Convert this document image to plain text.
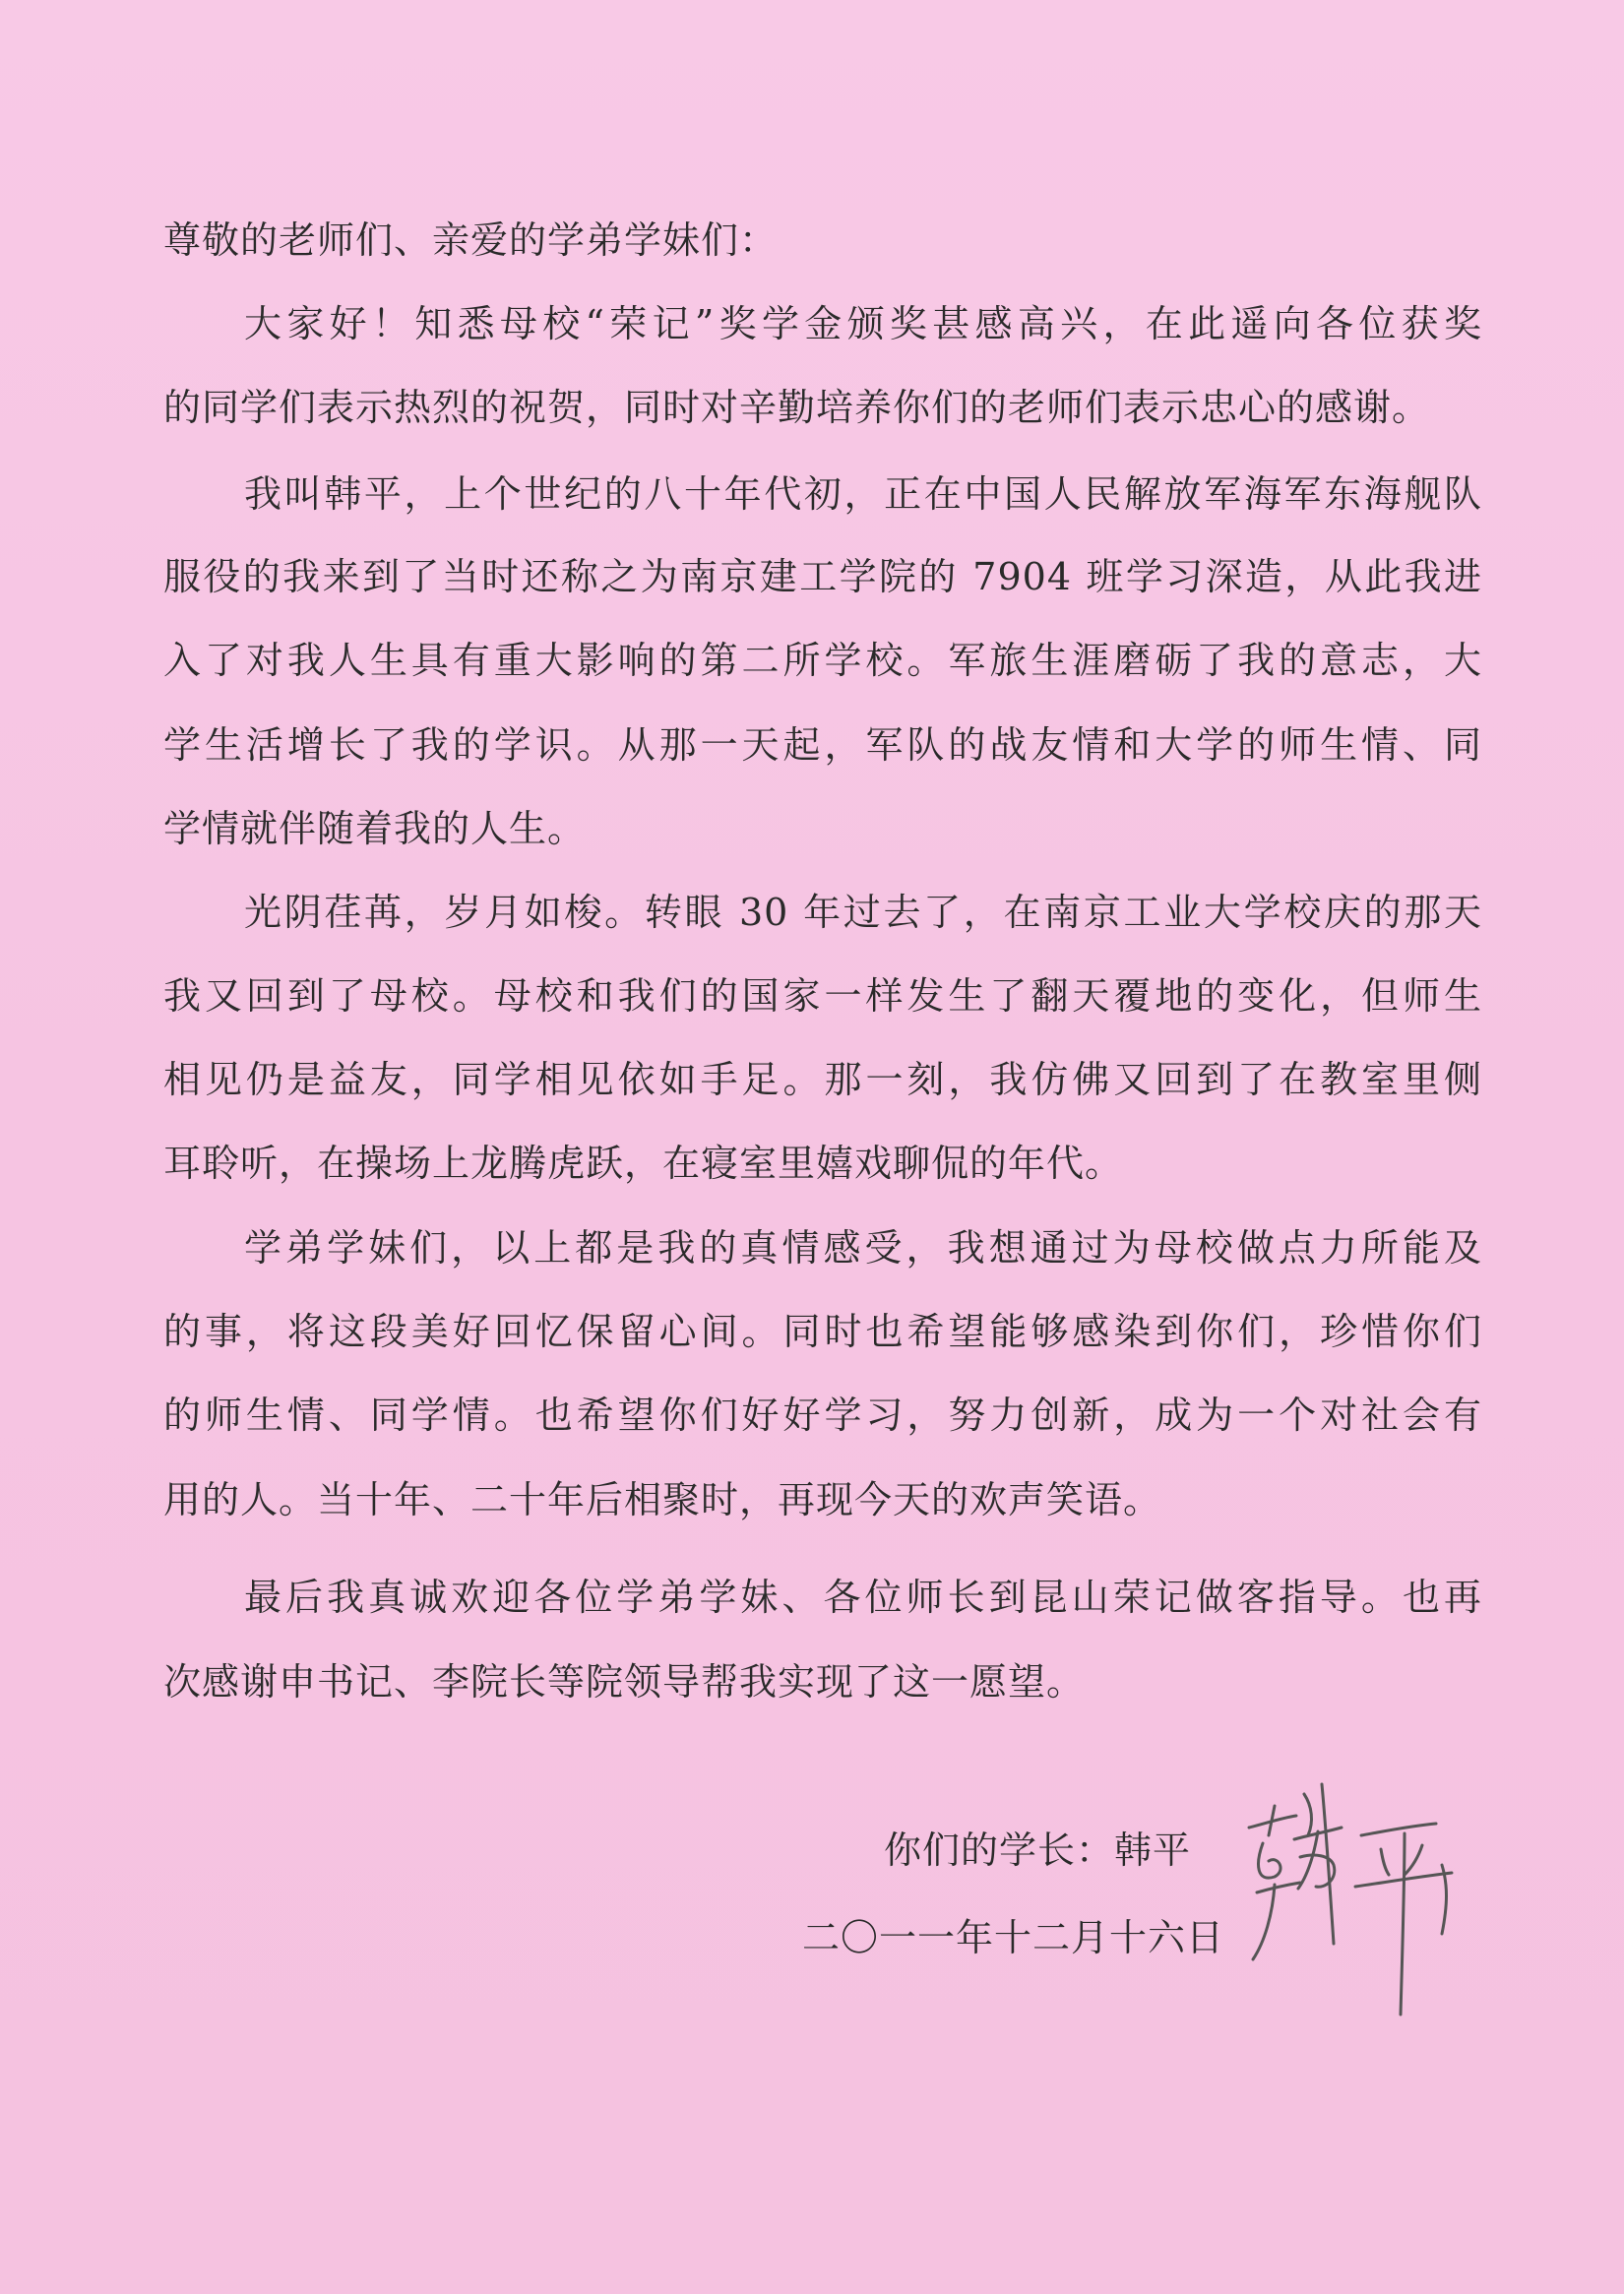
尊敬的老师们、亲爱的学弟学妹们：
大家好！知悉母校“荣记”奖学金颁奖甚感高兴，在此遥向各位获奖
的同学们表示热烈的祝贺，同时对辛勤培养你们的老师们表示忠心的感谢。
我叫韩平，上个世纪的八十年代初，正在中国人民解放军海军东海舰队
服役的我来到了当时还称之为南京建工学院的 7904 班学习深造，从此我进
入了对我人生具有重大影响的第二所学校。军旅生涯磨砺了我的意志，大
学生活增长了我的学识。从那一天起，军队的战友情和大学的师生情、同
学情就伴随着我的人生。
光阴荏苒，岁月如梭。转眼 30 年过去了，在南京工业大学校庆的那天
我又回到了母校。母校和我们的国家一样发生了翻天覆地的变化，但师生
相见仍是益友，同学相见依如手足。那一刻，我仿佛又回到了在教室里侧
耳聆听，在操场上龙腾虎跃，在寝室里嬉戏聊侃的年代。
学弟学妹们，以上都是我的真情感受，我想通过为母校做点力所能及
的事，将这段美好回忆保留心间。同时也希望能够感染到你们，珍惜你们
的师生情、同学情。也希望你们好好学习，努力创新，成为一个对社会有
用的人。当十年、二十年后相聚时，再现今天的欢声笑语。
最后我真诚欢迎各位学弟学妹、各位师长到昆山荣记做客指导。也再
次感谢申书记、李院长等院领导帮我实现了这一愿望。
你们的学长：韩平
二〇一一年十二月十六日
